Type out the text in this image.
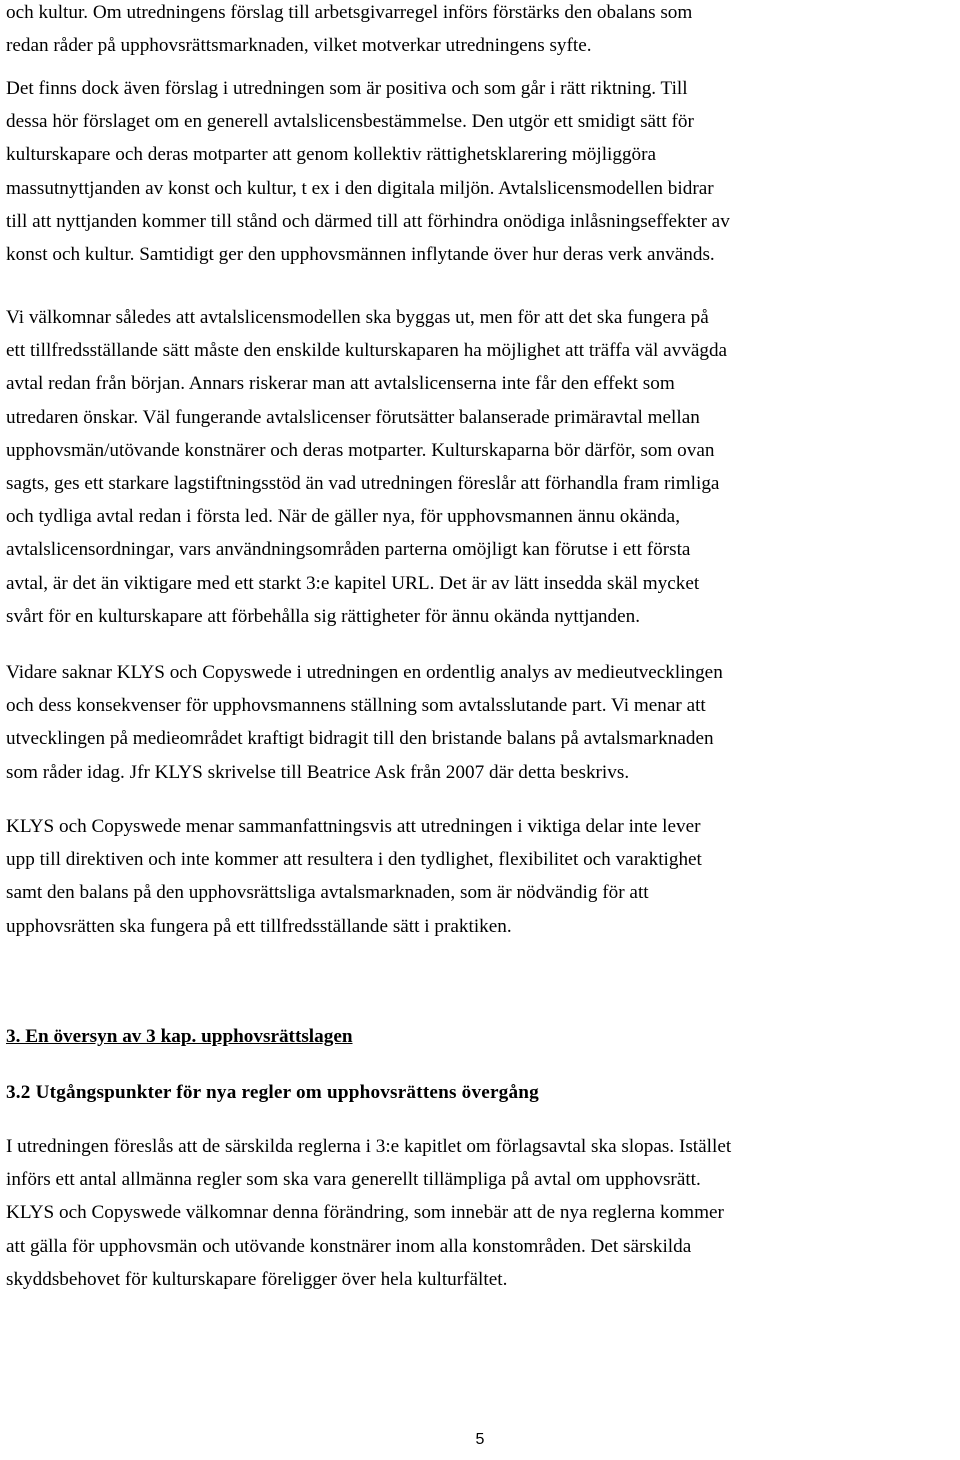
och kultur. Om utredningens förslag till arbetsgivarregel införs förstärks den obalans som
redan råder på upphovsrättsmarknaden, vilket motverkar utredningens syfte.

Det finns dock även förslag i utredningen som är positiva och som går i rätt riktning. Till
dessa hör förslaget om en generell avtalslicensbestämmelse. Den utgör ett smidigt sätt för
kulturskapare och deras motparter att genom kollektiv rättighetsklarering möjliggöra
massutnyttjanden av konst och kultur, t ex i den digitala miljön. Avtalslicensmodellen bidrar
till att nyttjanden kommer till stånd och därmed till att förhindra onödiga inlåsningseffekter av
konst och kultur. Samtidigt ger den upphovsmännen inflytande över hur deras verk används.

Vi välkomnar således att avtalslicensmodellen ska byggas ut, men för att det ska fungera på
ett tillfredsställande sätt måste den enskilde kulturskaparen ha möjlighet att träffa väl avvägda
avtal redan från början. Annars riskerar man att avtalslicenserna inte får den effekt som
utredaren önskar. Väl fungerande avtalslicenser förutsätter balanserade primäravtal mellan
upphovsmän/utövande konstnärer och deras motparter. Kulturskaparna bör därför, som ovan
sagts, ges ett starkare lagstiftningsstöd än vad utredningen föreslår att förhandla fram rimliga
och tydliga avtal redan i första led. När de gäller nya, för upphovsmannen ännu okända,
avtalslicensordningar, vars användningsområden parterna omöjligt kan förutse i ett första
avtal, är det än viktigare med ett starkt 3:e kapitel URL. Det är av lätt insedda skäl mycket
svårt för en kulturskapare att förbehålla sig rättigheter för ännu okända nyttjanden.

Vidare saknar KLYS och Copyswede i utredningen en ordentlig analys av medieutvecklingen
och dess konsekvenser för upphovsmannens ställning som avtalsslutande part. Vi menar att
utvecklingen på medieområdet kraftigt bidragit till den bristande balans på avtalsmarknaden
som råder idag. Jfr KLYS skrivelse till Beatrice Ask från 2007 där detta beskrivs.

KLYS och Copyswede menar sammanfattningsvis att utredningen i viktiga delar inte lever
upp till direktiven och inte kommer att resultera i den tydlighet, flexibilitet och varaktighet
samt den balans på den upphovsrättsliga avtalsmarknaden, som är nödvändig för att
upphovsrätten ska fungera på ett tillfredsställande sätt i praktiken.

3. En översyn av 3 kap. upphovsrättslagen
3.2 Utgångspunkter för nya regler om upphovsrättens övergång

I utredningen föreslås att de särskilda reglerna i 3:e kapitlet om förlagsavtal ska slopas. Istället
införs ett antal allmänna regler som ska vara generellt tillämpliga på avtal om upphovsrätt.
KLYS och Copyswede välkomnar denna förändring, som innebär att de nya reglerna kommer
att gälla för upphovsmän och utövande konstnärer inom alla konstområden. Det särskilda
skyddsbehovet för kulturskapare föreligger över hela kulturfältet.

5
